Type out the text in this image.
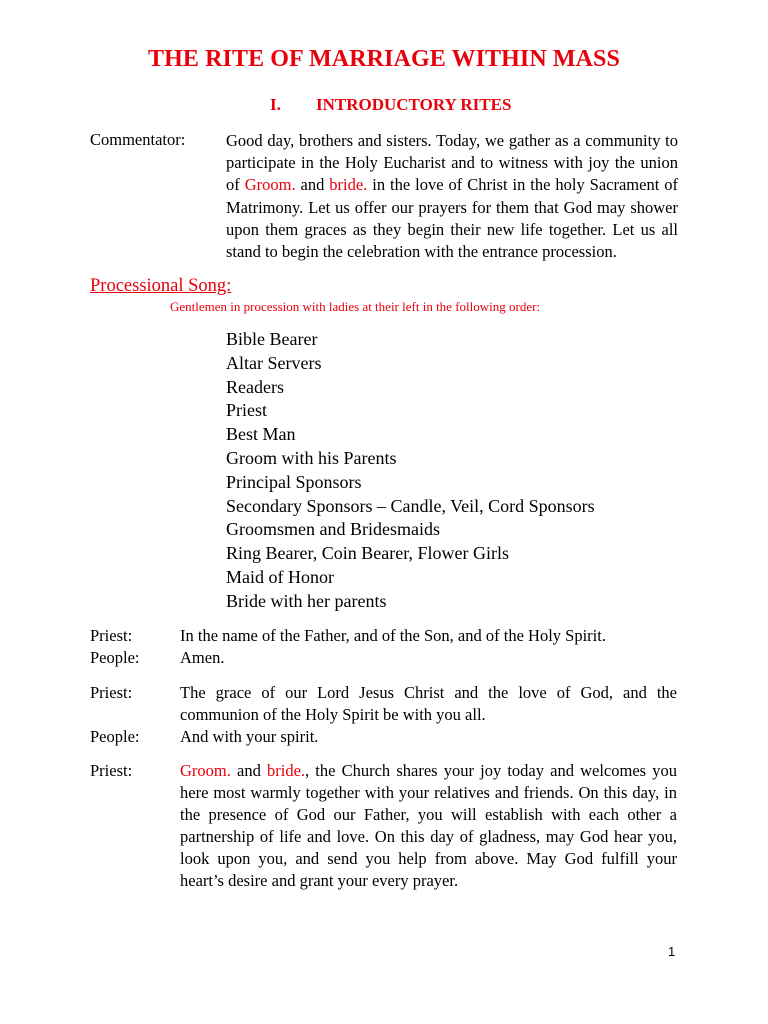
THE RITE OF MARRIAGE WITHIN MASS
I. INTRODUCTORY RITES
Commentator: Good day, brothers and sisters. Today, we gather as a community to participate in the Holy Eucharist and to witness with joy the union of Groom. and bride. in the love of Christ in the holy Sacrament of Matrimony. Let us offer our prayers for them that God may shower upon them graces as they begin their new life together. Let us all stand to begin the celebration with the entrance procession.
Processional Song:
Gentlemen in procession with ladies at their left in the following order:
Bible Bearer
Altar Servers
Readers
Priest
Best Man
Groom with his Parents
Principal Sponsors
Secondary Sponsors – Candle, Veil, Cord Sponsors
Groomsmen and Bridesmaids
Ring Bearer, Coin Bearer, Flower Girls
Maid of Honor
Bride with her parents
Priest:	In the name of the Father, and of the Son, and of the Holy Spirit.
People:	Amen.
Priest:	The grace of our Lord Jesus Christ and the love of God, and the communion of the Holy Spirit be with you all.
People:	And with your spirit.
Priest:	Groom. and bride., the Church shares your joy today and welcomes you here most warmly together with your relatives and friends. On this day, in the presence of God our Father, you will establish with each other a partnership of life and love. On this day of gladness, may God hear you, look upon you, and send you help from above. May God fulfill your heart’s desire and grant your every prayer.
1
